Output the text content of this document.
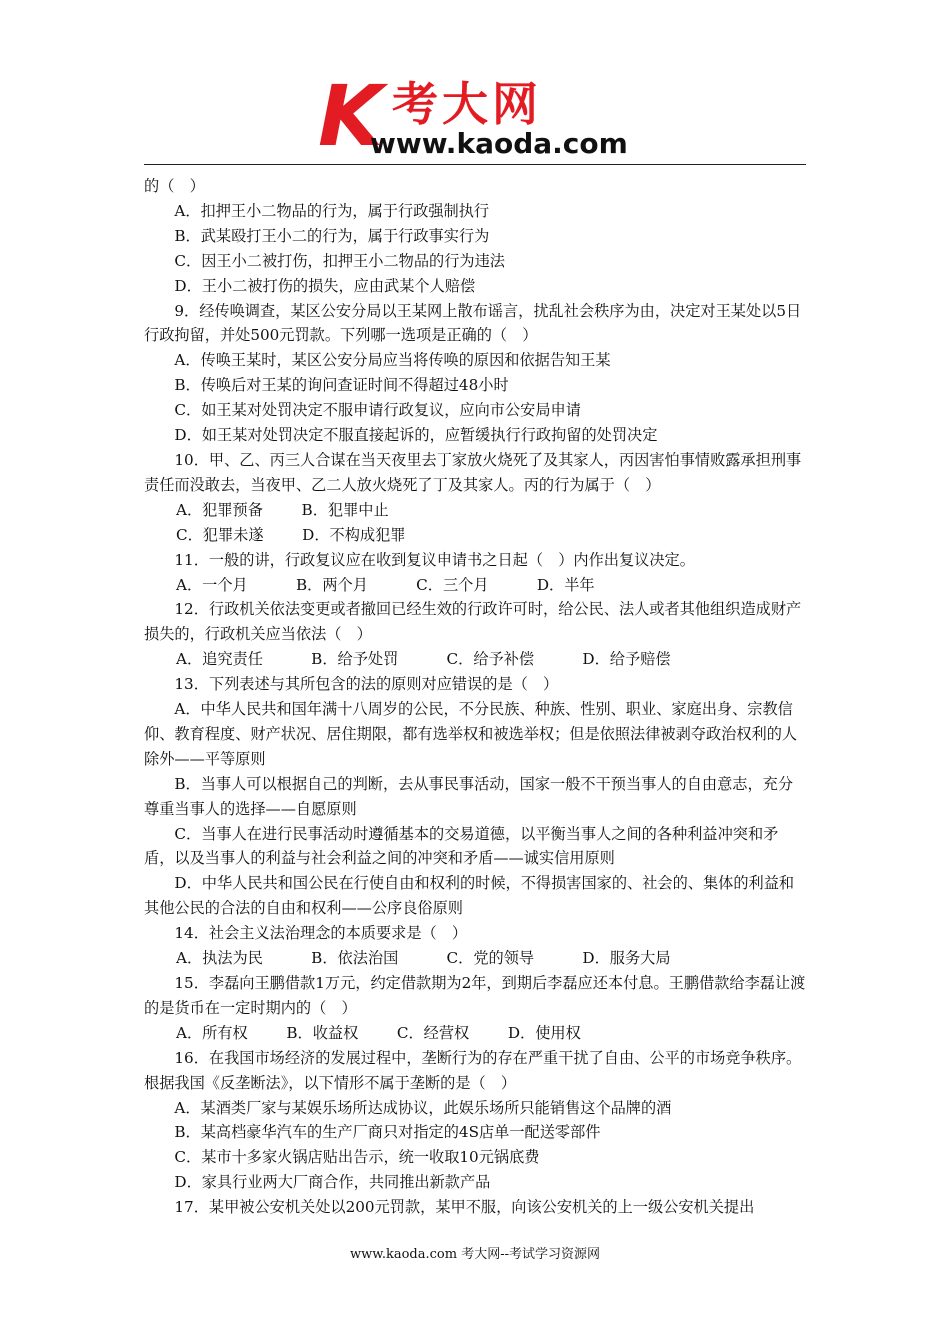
K 考大网
www.kaoda.com

的（　）

A．扣押王小二物品的行为，属于行政强制执行

B．武某殴打王小二的行为，属于行政事实行为

C．因王小二被打伤，扣押王小二物品的行为违法

D．王小二被打伤的损失，应由武某个人赔偿

9．经传唤调查，某区公安分局以王某网上散布谣言，扰乱社会秩序为由，决定对王某处以5日行政拘留，并处500元罚款。下列哪一选项是正确的（　）

A．传唤王某时，某区公安分局应当将传唤的原因和依据告知王某

B．传唤后对王某的询问查证时间不得超过48小时

C．如王某对处罚决定不服申请行政复议，应向市公安局申请

D．如王某对处罚决定不服直接起诉的，应暂缓执行行政拘留的处罚决定

10．甲、乙、丙三人合谋在当天夜里去丁家放火烧死了及其家人，丙因害怕事情败露承担刑事责任而没敢去，当夜甲、乙二人放火烧死了丁及其家人。丙的行为属于（　）

A．犯罪预备        B．犯罪中止

C．犯罪未遂        D．不构成犯罪

11．一般的讲，行政复议应在收到复议申请书之日起（　）内作出复议决定。

A．一个月          B．两个月          C．三个月          D．半年

12．行政机关依法变更或者撤回已经生效的行政许可时，给公民、法人或者其他组织造成财产损失的，行政机关应当依法（　）

A．追究责任          B．给予处罚          C．给予补偿          D．给予赔偿

13．下列表述与其所包含的法的原则对应错误的是（　）

A．中华人民共和国年满十八周岁的公民，不分民族、种族、性别、职业、家庭出身、宗教信仰、教育程度、财产状况、居住期限，都有选举权和被选举权；但是依照法律被剥夺政治权利的人除外——平等原则

B．当事人可以根据自己的判断，去从事民事活动，国家一般不干预当事人的自由意志，充分尊重当事人的选择——自愿原则

C．当事人在进行民事活动时遵循基本的交易道德，以平衡当事人之间的各种利益冲突和矛盾，以及当事人的利益与社会利益之间的冲突和矛盾——诚实信用原则

D．中华人民共和国公民在行使自由和权利的时候，不得损害国家的、社会的、集体的利益和其他公民的合法的自由和权利——公序良俗原则

14．社会主义法治理念的本质要求是（　）

A．执法为民          B．依法治国          C．党的领导          D．服务大局

15．李磊向王鹏借款1万元，约定借款期为2年，到期后李磊应还本付息。王鹏借款给李磊让渡的是货币在一定时期内的（　）

A．所有权        B．收益权        C．经营权        D．使用权

16．在我国市场经济的发展过程中，垄断行为的存在严重干扰了自由、公平的市场竞争秩序。根据我国《反垄断法》，以下情形不属于垄断的是（　）

A．某酒类厂家与某娱乐场所达成协议，此娱乐场所只能销售这个品牌的酒

B．某高档豪华汽车的生产厂商只对指定的4S店单一配送零部件

C．某市十多家火锅店贴出告示，统一收取10元锅底费

D．家具行业两大厂商合作，共同推出新款产品

17．某甲被公安机关处以200元罚款，某甲不服，向该公安机关的上一级公安机关提出

www.kaoda.com 考大网--考试学习资源网
